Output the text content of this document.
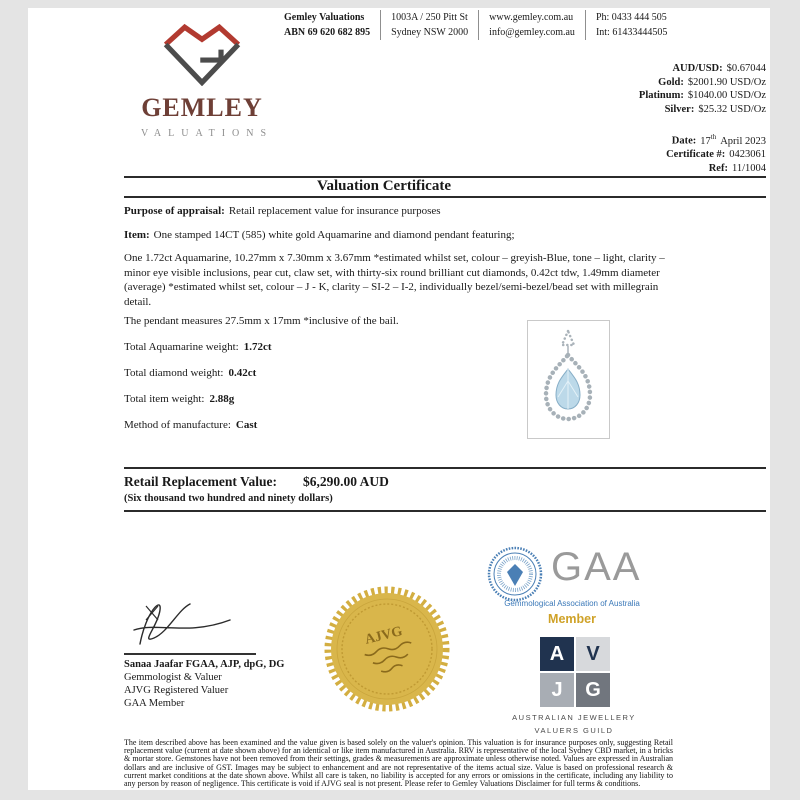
GEMLEY
VALUATIONS
Gemley Valuations
ABN 69 620 682 895
1003A / 250 Pitt St
Sydney NSW 2000
www.gemley.com.au
info@gemley.com.au
Ph: 0433 444 505
Int: 61433444505
AUD/USD: $0.67044
Gold: $2001.90 USD/Oz
Platinum: $1040.00 USD/Oz
Silver: $25.32 USD/Oz
Date: 17th April 2023
Certificate #: 0423061
Ref: 11/1004
Valuation Certificate
Purpose of appraisal: Retail replacement value for insurance purposes
Item: One stamped 14CT (585) white gold Aquamarine and diamond pendant featuring;
One 1.72ct Aquamarine, 10.27mm x 7.30mm x 3.67mm *estimated whilst set, colour – greyish-Blue, tone – light, clarity – minor eye visible inclusions, pear cut, claw set, with thirty-six round brilliant cut diamonds, 0.42ct tdw, 1.49mm diameter (average) *estimated whilst set, colour – J - K, clarity – SI-2 – I-2, individually bezel/semi-bezel/bead set with millegrain detail.
The pendant measures 27.5mm x 17mm *inclusive of the bail.
Total Aquamarine weight: 1.72ct
Total diamond weight: 0.42ct
Total item weight: 2.88g
Method of manufacture: Cast
Retail Replacement Value: $6,290.00 AUD
(Six thousand two hundred and ninety dollars)
Sanaa Jaafar FGAA, AJP, dpG, DG
Gemmologist & Valuer
AJVG Registered Valuer
GAA Member
AJVG
GAA
Gemmological Association of Australia
Member
A	V
J	G
AUSTRALIAN JEWELLERY
VALUERS GUILD
The item described above has been examined and the value given is based solely on the valuer's opinion. This valuation is for insurance purposes only, suggesting Retail replacement value (current at date shown above) for an identical or like item manufactured in Australia. RRV is representative of the local Sydney CBD market, in a bricks & mortar store. Gemstones have not been removed from their settings, grades & measurements are approximate unless otherwise noted. Values are expressed in Australian dollars and are inclusive of GST. Images may be subject to enhancement and are not representative of the items actual size. Value is based on professional research & current market conditions at the date shown above. Whilst all care is taken, no liability is accepted for any errors or omissions in the certificate, including any liability to any person by reason of negligence. This certificate is void if AJVG seal is not present. Please refer to Gemley Valuations Disclaimer for full terms & conditions.
